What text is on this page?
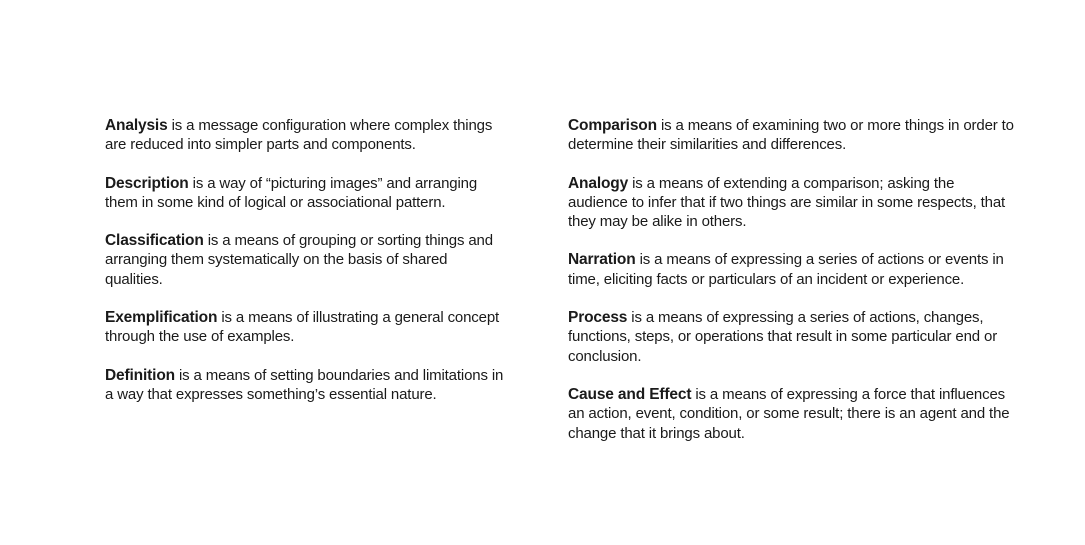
Analysis is a message configuration where complex things are reduced into simpler parts and components.

Description is a way of “picturing images” and arranging them in some kind of logical or associational pattern.

Classification is a means of grouping or sorting things and arranging them systematically on the basis of shared qualities.

Exemplification is a means of illustrating a general concept through the use of examples.

Definition is a means of setting boundaries and limitations in a way that expresses something’s essential nature.

Comparison is a means of examining two or more things in order to determine their similarities and differences.

Analogy is a means of extending a comparison; asking the audience to infer that if two things are similar in some respects, that they may be alike in others.

Narration is a means of expressing a series of actions or events in time, eliciting facts or particulars of an incident or experience.

Process is a means of expressing a series of actions, changes, functions, steps, or operations that result in some particular end or conclusion.

Cause and Effect is a means of expressing a force that influences an action, event, condition, or some result; there is an agent and the change that it brings about.
